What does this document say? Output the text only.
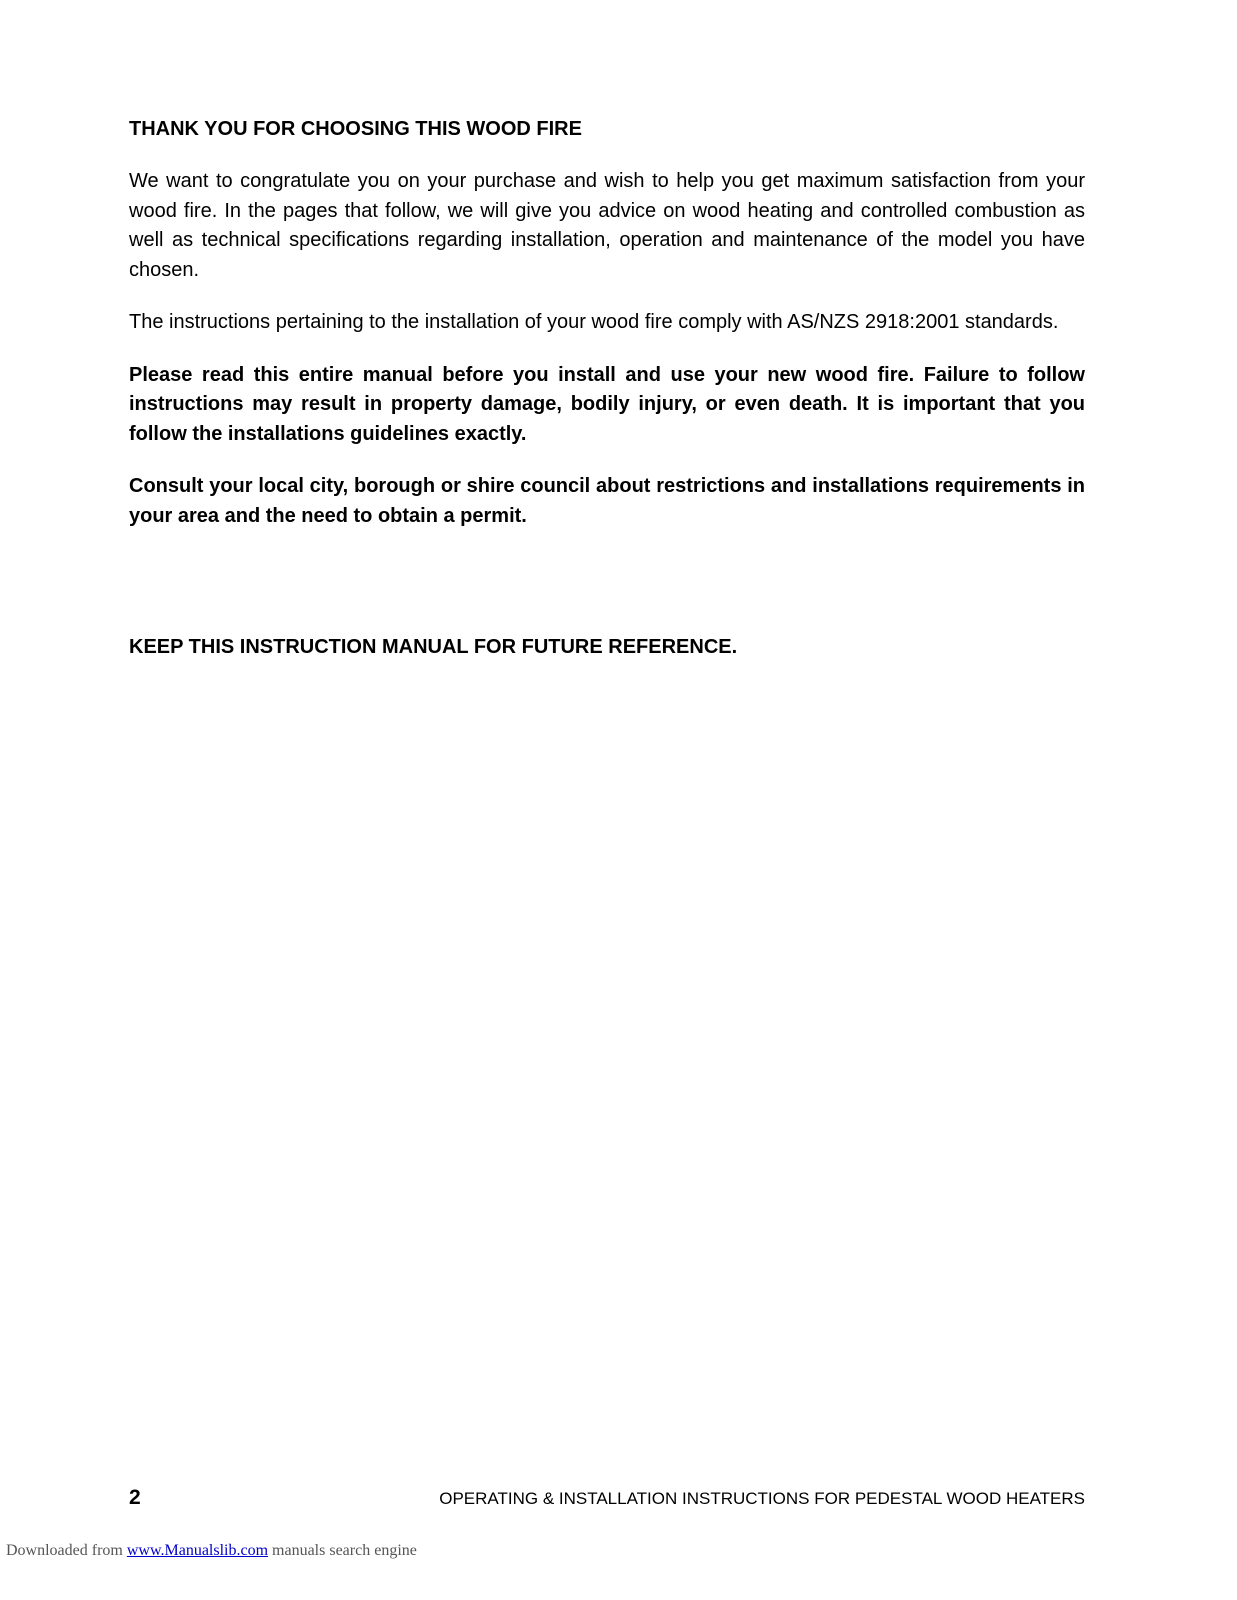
THANK YOU FOR CHOOSING THIS WOOD FIRE

We want to congratulate you on your purchase and wish to help you get maximum satisfaction from your wood fire. In the pages that follow, we will give you advice on wood heating and controlled combustion as well as technical specifications regarding installation, operation and maintenance of the model you have chosen.

The instructions pertaining to the installation of your wood fire comply with AS/NZS 2918:2001 standards.

Please read this entire manual before you install and use your new wood fire. Failure to follow instructions may result in property damage, bodily injury, or even death. It is important that you follow the installations guidelines exactly.

Consult your local city, borough or shire council about restrictions and installations requirements in your area and the need to obtain a permit.

KEEP THIS INSTRUCTION MANUAL FOR FUTURE REFERENCE.

2	OPERATING & INSTALLATION INSTRUCTIONS FOR PEDESTAL WOOD HEATERS
Downloaded from www.Manualslib.com manuals search engine
